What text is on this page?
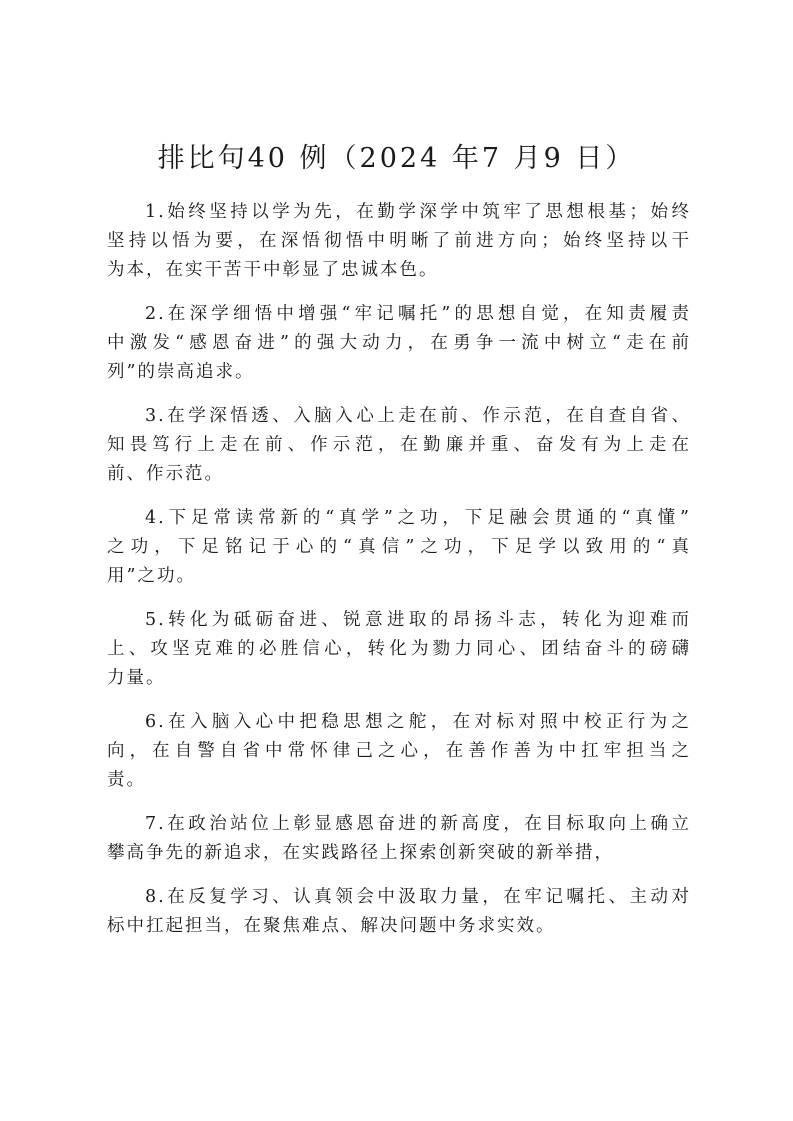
排比句40 例（2024 年7 月9 日）
1.始终坚持以学为先，在勤学深学中筑牢了思想根基；始终
坚持以悟为要，在深悟彻悟中明晰了前进方向；始终坚持以干
为本，在实干苦干中彰显了忠诚本色。
2.在深学细悟中增强“牢记嘱托”的思想自觉，在知责履责
中激发“感恩奋进”的强大动力，在勇争一流中树立“走在前
列”的崇高追求。
3.在学深悟透、入脑入心上走在前、作示范，在自查自省、
知畏笃行上走在前、作示范，在勤廉并重、奋发有为上走在
前、作示范。
4.下足常读常新的“真学”之功，下足融会贯通的“真懂”
之功，下足铭记于心的“真信”之功，下足学以致用的“真
用”之功。
5.转化为砥砺奋进、锐意进取的昂扬斗志，转化为迎难而
上、攻坚克难的必胜信心，转化为勠力同心、团结奋斗的磅礴
力量。
6.在入脑入心中把稳思想之舵，在对标对照中校正行为之
向，在自警自省中常怀律己之心，在善作善为中扛牢担当之
责。
7.在政治站位上彰显感恩奋进的新高度，在目标取向上确立
攀高争先的新追求，在实践路径上探索创新突破的新举措，
8.在反复学习、认真领会中汲取力量，在牢记嘱托、主动对
标中扛起担当，在聚焦难点、解决问题中务求实效。
